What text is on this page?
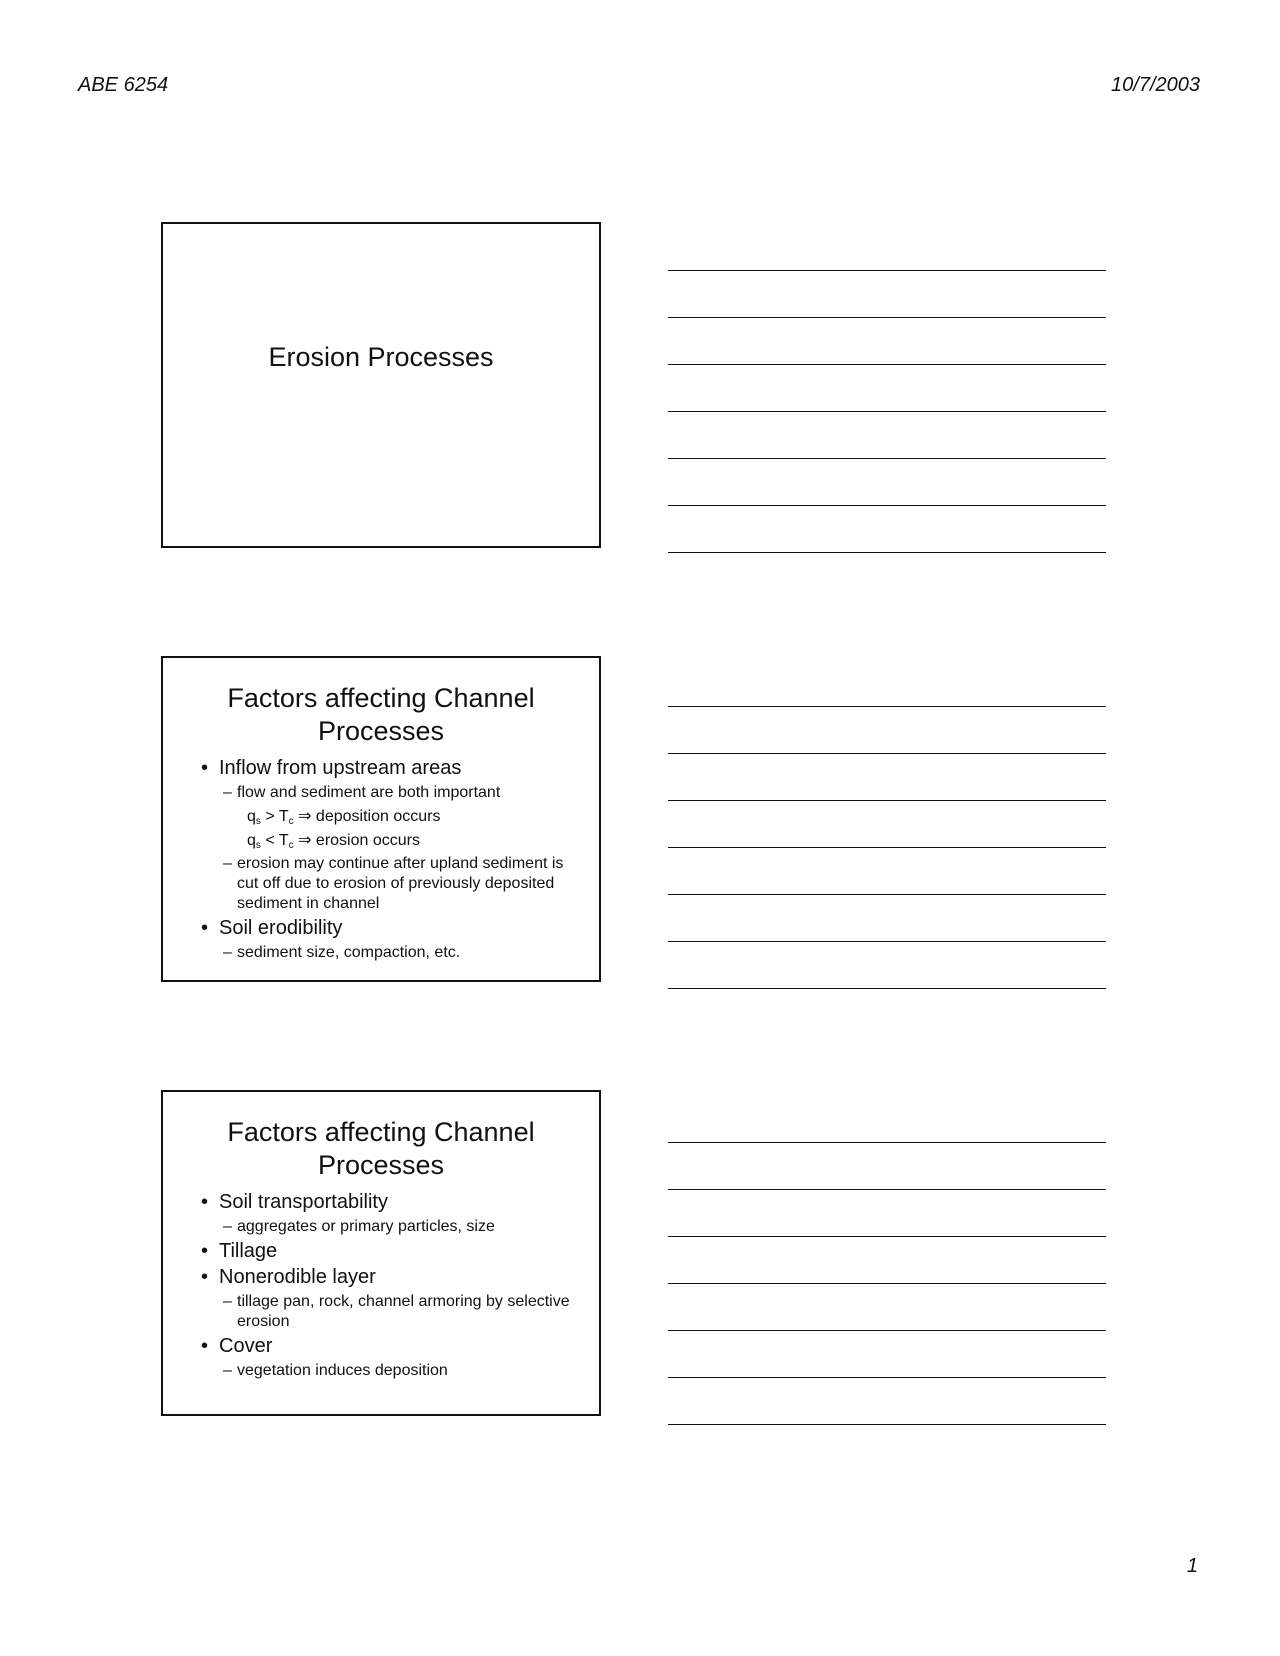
ABE 6254	10/7/2003
Erosion Processes
Factors affecting Channel
Processes
• Inflow from upstream areas
– flow and sediment are both important
$q_s > T_c$ ⇒ deposition occurs
$q_s < T_c$ ⇒ erosion occurs
– erosion may continue after upland sediment is cut off due to erosion of previously deposited sediment in channel
• Soil erodibility
– sediment size, compaction, etc.
Factors affecting Channel
Processes
• Soil transportability
– aggregates or primary particles, size
• Tillage
• Nonerodible layer
– tillage pan, rock, channel armoring by selective erosion
• Cover
– vegetation induces deposition
1
